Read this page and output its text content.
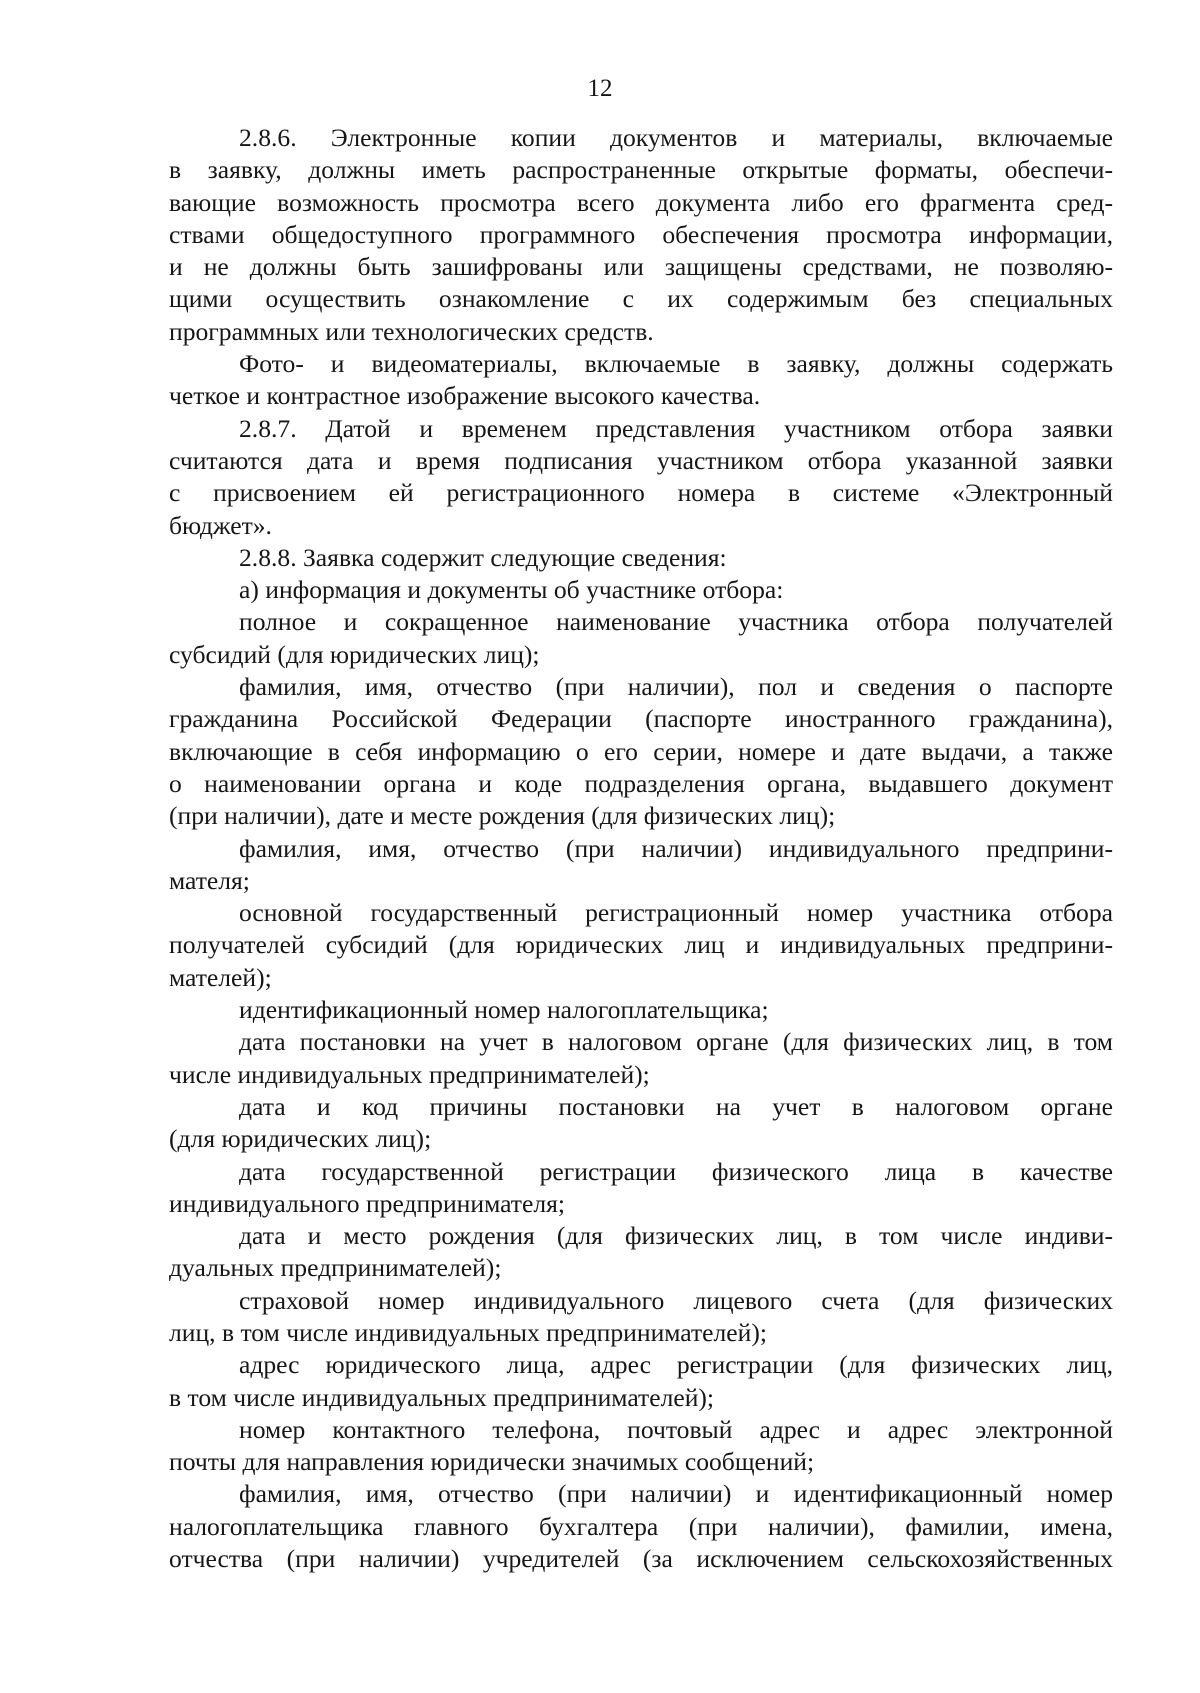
12
2.8.6. Электронные копии документов и материалы, включаемые
в заявку, должны иметь распространенные открытые форматы, обеспечи-
вающие возможность просмотра всего документа либо его фрагмента сред-
ствами общедоступного программного обеспечения просмотра информации,
и не должны быть зашифрованы или защищены средствами, не позволяю-
щими осуществить ознакомление с их содержимым без специальных
программных или технологических средств.
Фото- и видеоматериалы, включаемые в заявку, должны содержать
четкое и контрастное изображение высокого качества.
2.8.7. Датой и временем представления участником отбора заявки
считаются дата и время подписания участником отбора указанной заявки
с присвоением ей регистрационного номера в системе «Электронный
бюджет».
2.8.8. Заявка содержит следующие сведения:
а) информация и документы об участнике отбора:
полное и сокращенное наименование участника отбора получателей
субсидий (для юридических лиц);
фамилия, имя, отчество (при наличии), пол и сведения о паспорте
гражданина Российской Федерации (паспорте иностранного гражданина),
включающие в себя информацию о его серии, номере и дате выдачи, а также
о наименовании органа и коде подразделения органа, выдавшего документ
(при наличии), дате и месте рождения (для физических лиц);
фамилия, имя, отчество (при наличии) индивидуального предприни-
мателя;
основной государственный регистрационный номер участника отбора
получателей субсидий (для юридических лиц и индивидуальных предприни-
мателей);
идентификационный номер налогоплательщика;
дата постановки на учет в налоговом органе (для физических лиц, в том
числе индивидуальных предпринимателей);
дата и код причины постановки на учет в налоговом органе
(для юридических лиц);
дата государственной регистрации физического лица в качестве
индивидуального предпринимателя;
дата и место рождения (для физических лиц, в том числе индиви-
дуальных предпринимателей);
страховой номер индивидуального лицевого счета (для физических
лиц, в том числе индивидуальных предпринимателей);
адрес юридического лица, адрес регистрации (для физических лиц,
в том числе индивидуальных предпринимателей);
номер контактного телефона, почтовый адрес и адрес электронной
почты для направления юридически значимых сообщений;
фамилия, имя, отчество (при наличии) и идентификационный номер
налогоплательщика главного бухгалтера (при наличии), фамилии, имена,
отчества (при наличии) учредителей (за исключением сельскохозяйственных
